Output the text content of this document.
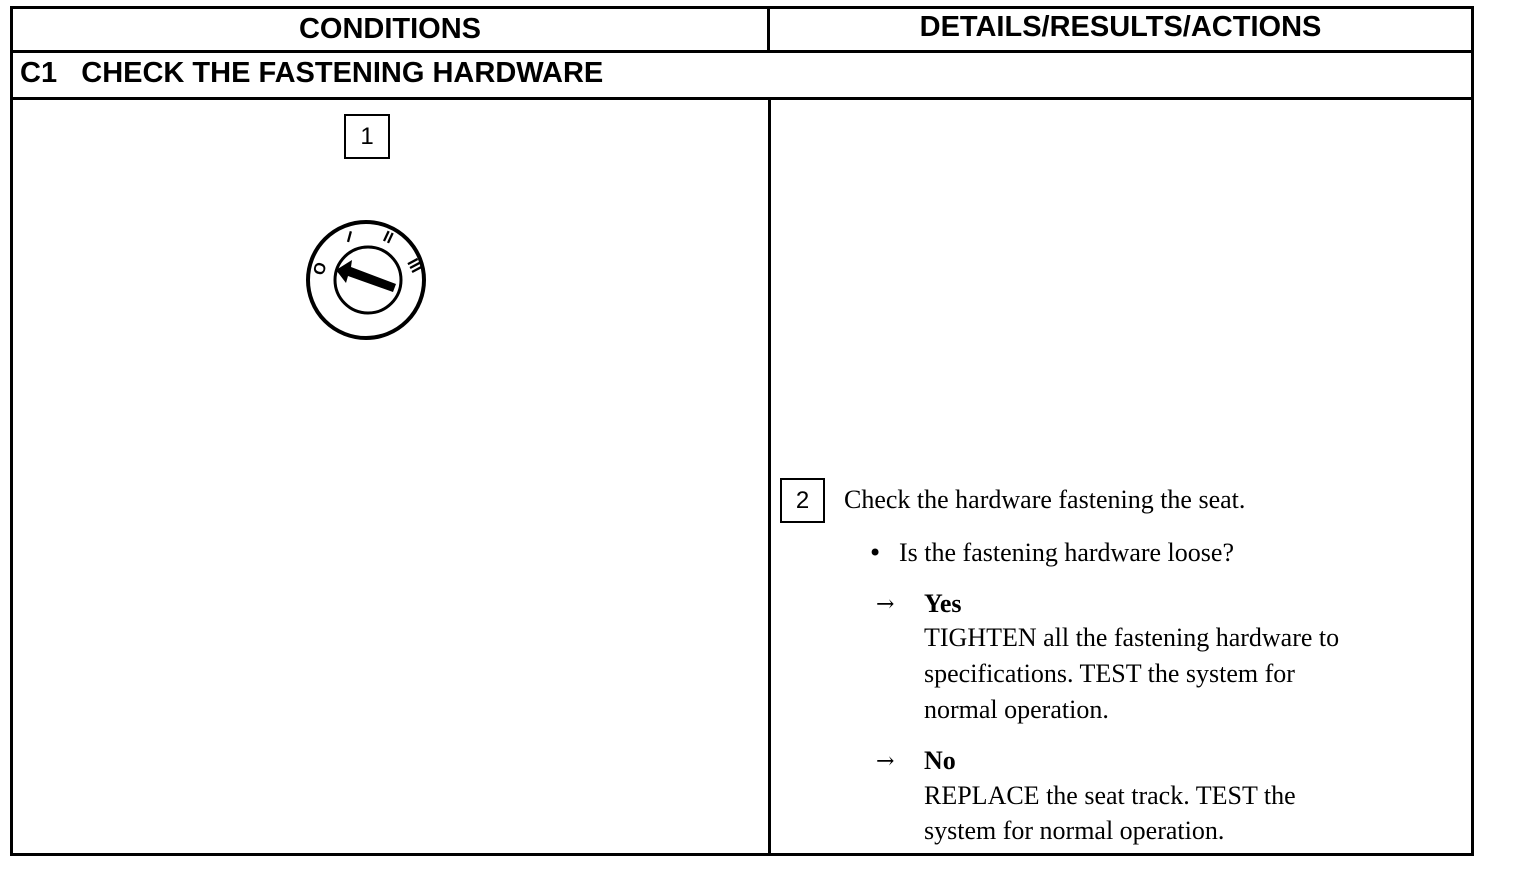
CONDITIONS	DETAILS/RESULTS/ACTIONS
C1 CHECK THE FASTENING HARDWARE
1
O
I II
III
2	Check the hardware fastening the seat.
• Is the fastening hardware loose?
→ Yes
TIGHTEN all the fastening hardware to
specifications. TEST the system for
normal operation.
→ No
REPLACE the seat track. TEST the
system for normal operation.
